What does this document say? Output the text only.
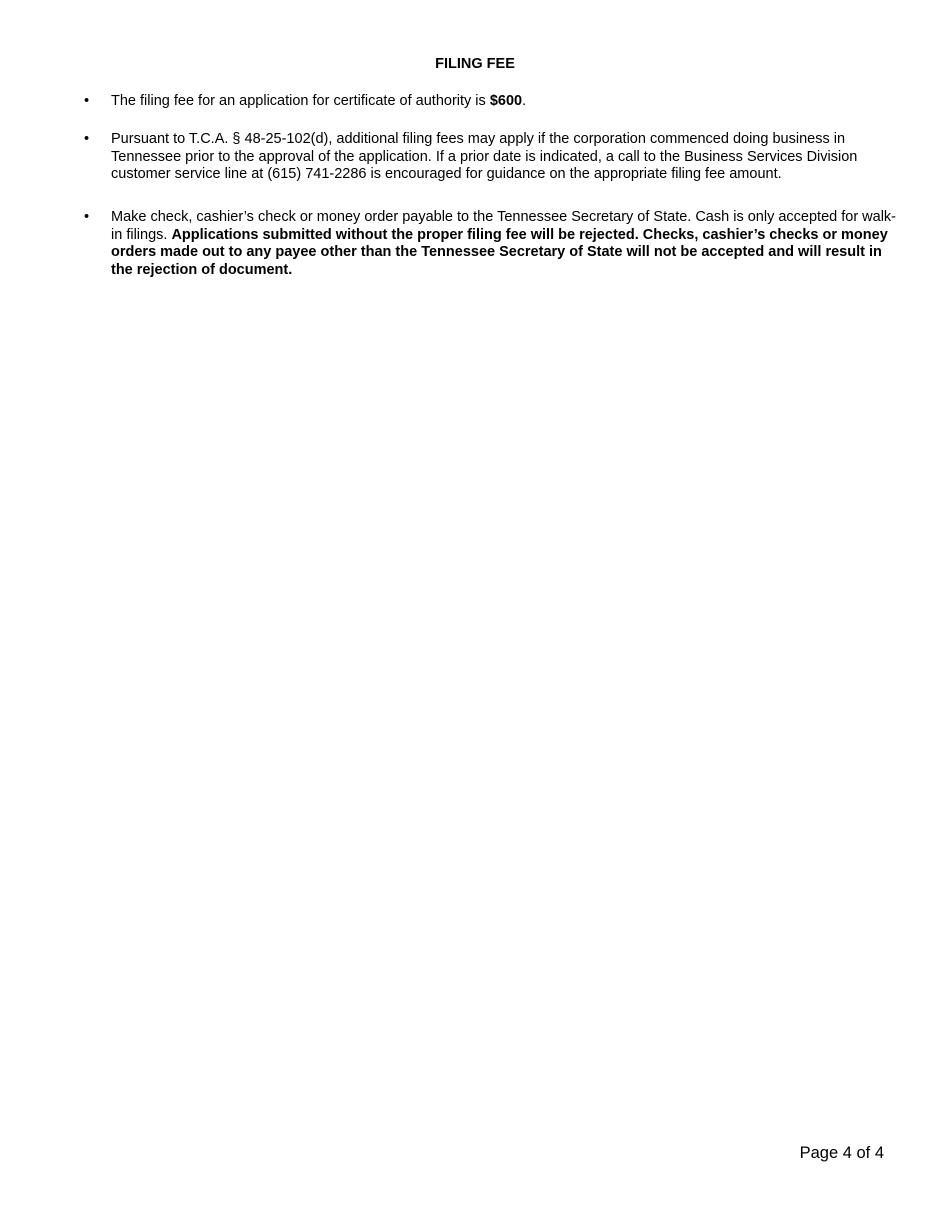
FILING FEE
• The filing fee for an application for certificate of authority is $600.
• Pursuant to T.C.A. § 48-25-102(d), additional filing fees may apply if the corporation commenced doing business in Tennessee prior to the approval of the application. If a prior date is indicated, a call to the Business Services Division customer service line at (615) 741-2286 is encouraged for guidance on the appropriate filing fee amount.
• Make check, cashier’s check or money order payable to the Tennessee Secretary of State. Cash is only accepted for walk-in filings. Applications submitted without the proper filing fee will be rejected. Checks, cashier’s checks or money orders made out to any payee other than the Tennessee Secretary of State will not be accepted and will result in the rejection of document.
Page 4 of 4
